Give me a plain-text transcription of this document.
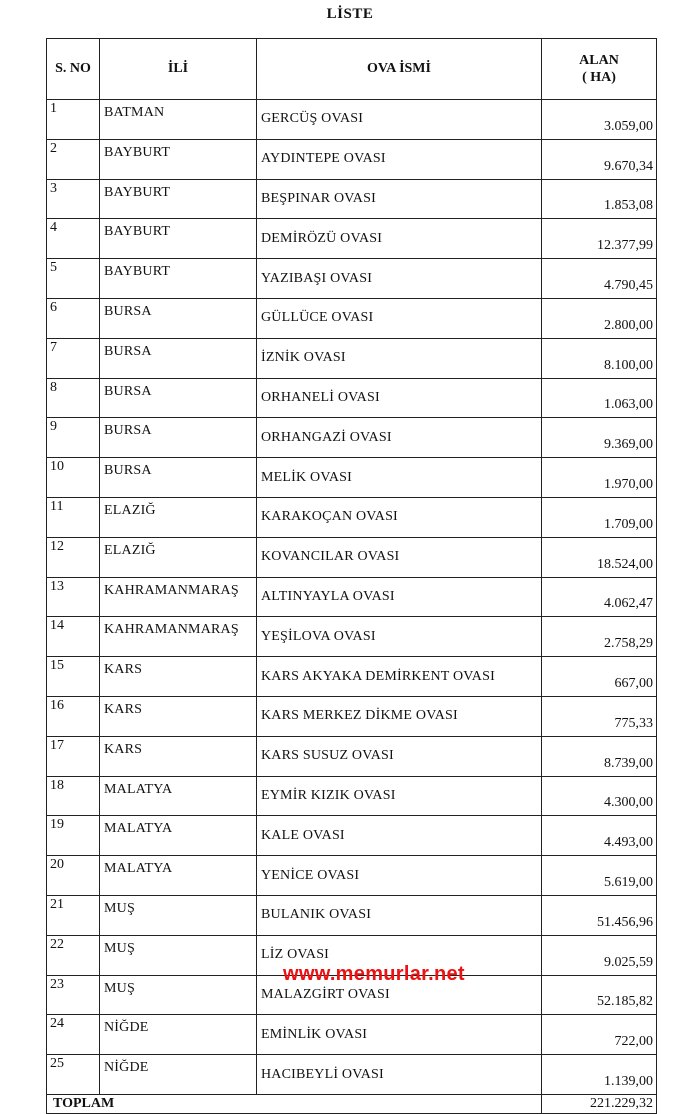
LİSTE
S. NO	İLİ	OVA İSMİ	ALAN
( HA)

1	BATMAN	GERCÜŞ OVASI	3.059,00
2	BAYBURT	AYDINTEPE OVASI	9.670,34
3	BAYBURT	BEŞPINAR OVASI	1.853,08
4	BAYBURT	DEMİRÖZÜ OVASI	12.377,99
5	BAYBURT	YAZIBAŞI OVASI	4.790,45
6	BURSA	GÜLLÜCE OVASI	2.800,00
7	BURSA	İZNİK OVASI	8.100,00
8	BURSA	ORHANELİ OVASI	1.063,00
9	BURSA	ORHANGAZİ OVASI	9.369,00
10	BURSA	MELİK OVASI	1.970,00
11	ELAZIĞ	KARAKOÇAN OVASI	1.709,00
12	ELAZIĞ	KOVANCILAR OVASI	18.524,00
13	KAHRAMANMARAŞ	ALTINYAYLA OVASI	4.062,47
14	KAHRAMANMARAŞ	YEŞİLOVA OVASI	2.758,29
15	KARS	KARS AKYAKA DEMİRKENT OVASI	667,00
16	KARS	KARS MERKEZ DİKME OVASI	775,33
17	KARS	KARS SUSUZ OVASI	8.739,00
18	MALATYA	EYMİR KIZIK OVASI	4.300,00
19	MALATYA	KALE OVASI	4.493,00
20	MALATYA	YENİCE OVASI	5.619,00
21	MUŞ	BULANIK OVASI	51.456,96
22	MUŞ	LİZ OVASI	9.025,59
23	MUŞ	MALAZGİRT OVASI	52.185,82
24	NİĞDE	EMİNLİK OVASI	722,00
25	NİĞDE	HACIBEYLİ OVASI	1.139,00
TOPLAM			221.229,32
www.memurlar.net
